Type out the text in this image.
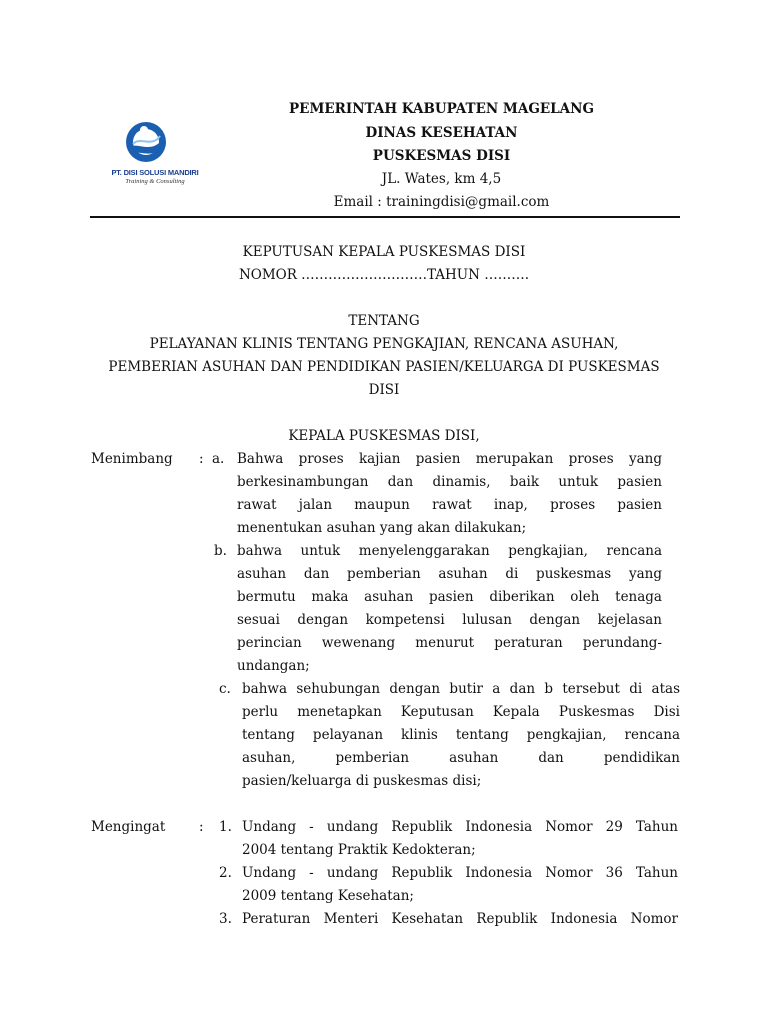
PT. DISI SOLUSI MANDIRI
Training & Consulting
PEMERINTAH KABUPATEN MAGELANG
DINAS KESEHATAN
PUSKESMAS DISI
JL. Wates, km 4,5
Email : trainingdisi@gmail.com
KEPUTUSAN KEPALA PUSKESMAS DISI
NOMOR ……………………….TAHUN ……….
TENTANG
PELAYANAN KLINIS TENTANG PENGKAJIAN, RENCANA ASUHAN,
PEMBERIAN ASUHAN DAN PENDIDIKAN PASIEN/KELUARGA DI PUSKESMAS
DISI
KEPALA PUSKESMAS DISI,
Menimbang : a. Bahwa proses kajian pasien merupakan proses yang
berkesinambungan dan dinamis, baik untuk pasien
rawat jalan maupun rawat inap, proses pasien
menentukan asuhan yang akan dilakukan;
b. bahwa untuk menyelenggarakan pengkajian, rencana
asuhan dan pemberian asuhan di puskesmas yang
bermutu maka asuhan pasien diberikan oleh tenaga
sesuai dengan kompetensi lulusan dengan kejelasan
perincian wewenang menurut peraturan perundang-
undangan;
c. bahwa sehubungan dengan butir a dan b tersebut di atas
perlu menetapkan Keputusan Kepala Puskesmas Disi
tentang pelayanan klinis tentang pengkajian, rencana
asuhan, pemberian asuhan dan pendidikan
pasien/keluarga di puskesmas disi;
Mengingat : 1. Undang - undang Republik Indonesia Nomor 29 Tahun
2004 tentang Praktik Kedokteran;
2. Undang - undang Republik Indonesia Nomor 36 Tahun
2009 tentang Kesehatan;
3. Peraturan Menteri Kesehatan Republik Indonesia Nomor
